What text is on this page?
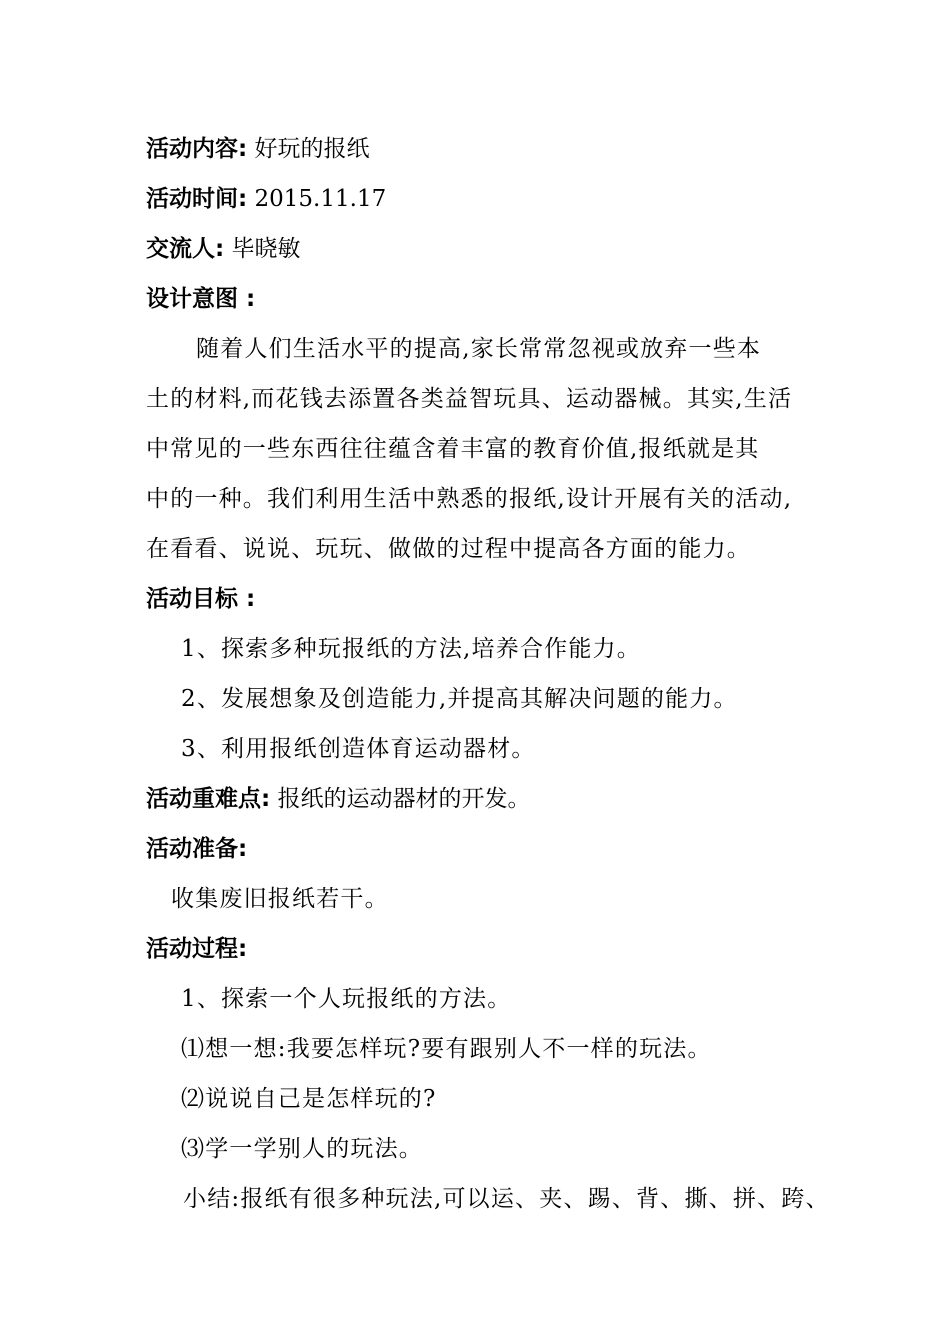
活动内容: 好玩的报纸
活动时间: 2015.11.17
交流人: 毕晓敏
设计意图 :
随着人们生活水平的提高,家长常常忽视或放弃一些本
土的材料,而花钱去添置各类益智玩具、运动器械。其实,生活
中常见的一些东西往往蕴含着丰富的教育价值,报纸就是其
中的一种。我们利用生活中熟悉的报纸,设计开展有关的活动,
在看看、说说、玩玩、做做的过程中提高各方面的能力。
活动目标 :
1、探索多种玩报纸的方法,培养合作能力。
2、发展想象及创造能力,并提高其解决问题的能力。
3、利用报纸创造体育运动器材。
活动重难点: 报纸的运动器材的开发。
活动准备:
收集废旧报纸若干。
活动过程:
1、探索一个人玩报纸的方法。
⑴想一想:我要怎样玩?要有跟别人不一样的玩法。
⑵说说自己是怎样玩的?
⑶学一学别人的玩法。
小结:报纸有很多种玩法,可以运、夹、踢、背、撕、拼、跨、
